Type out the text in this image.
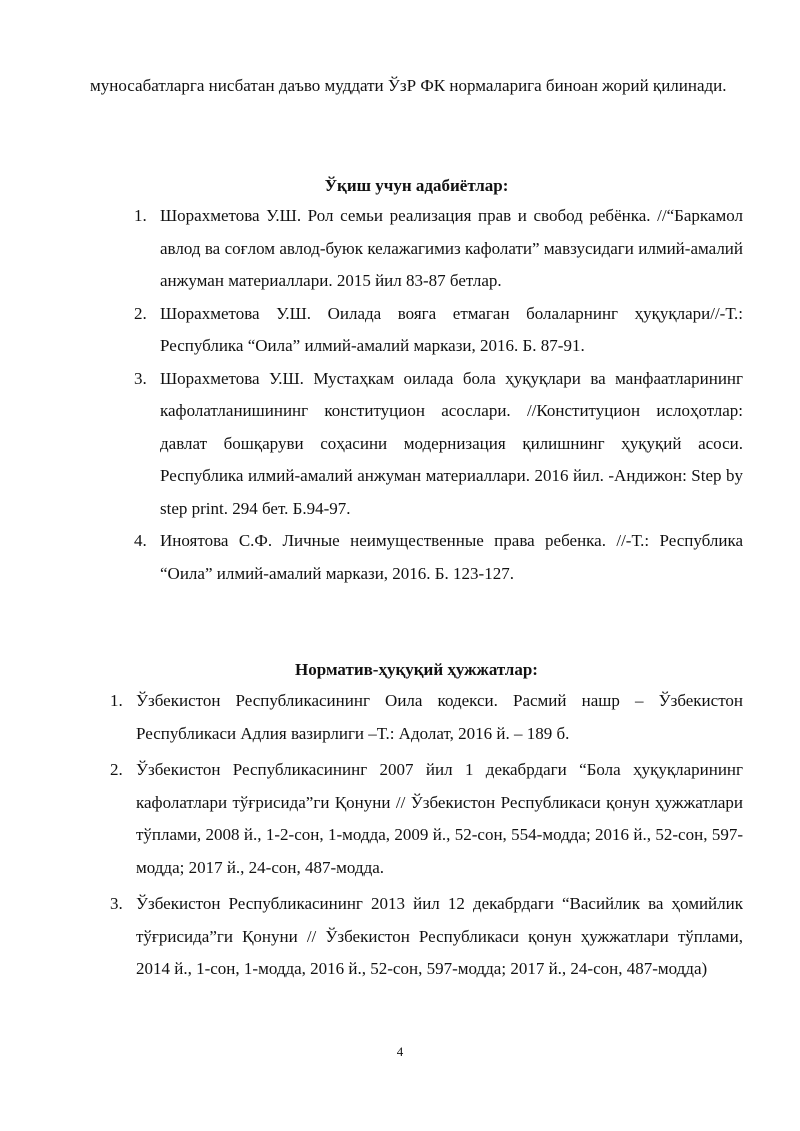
муносабатларга нисбатан даъво муддати ЎзР ФК нормаларига биноан жорий қилинади.

Ўқиш учун адабиётлар:
1. Шорахметова У.Ш. Рол семьи реализация прав и свобод ребёнка. //“Баркамол авлод ва соғлом авлод-буюк келажагимиз кафолати” мавзусидаги илмий-амалий анжуман материаллари. 2015 йил 83-87 бетлар.
2. Шорахметова У.Ш. Оилада вояга етмаган болаларнинг ҳуқуқлари//-Т.: Республика “Оила” илмий-амалий маркази, 2016. Б. 87-91.
3. Шорахметова У.Ш. Мустаҳкам оилада бола ҳуқуқлари ва манфаатларининг кафолатланишининг конституцион асослари. //Конституцион ислоҳотлар: давлат бошқаруви соҳасини модернизация қилишнинг ҳуқуқий асоси. Республика илмий-амалий анжуман материаллари. 2016 йил. -Андижон: Step by step print. 294 бет. Б.94-97.
4. Иноятова С.Ф. Личные неимущественные права ребенка. //-Т.: Республика “Оила” илмий-амалий маркази, 2016. Б. 123-127.
Норматив-ҳуқуқий ҳужжатлар:
1. Ўзбекистон Республикасининг Оила кодекси. Расмий нашр – Ўзбекистон Республикаси Адлия вазирлиги –Т.: Адолат, 2016 й. – 189 б.
2. Ўзбекистон Республикасининг 2007 йил 1 декабрдаги “Бола ҳуқуқларининг кафолатлари тўғрисида”ги Қонуни // Ўзбекистон Республикаси қонун ҳужжатлари тўплами, 2008 й., 1-2-сон, 1-модда, 2009 й., 52-сон, 554-модда; 2016 й., 52-сон, 597-модда; 2017 й., 24-сон, 487-модда.
3. Ўзбекистон Республикасининг 2013 йил 12 декабрдаги “Васийлик ва ҳомийлик тўғрисида”ги Қонуни // Ўзбекистон Республикаси қонун ҳужжатлари тўплами, 2014 й., 1-сон, 1-модда, 2016 й., 52-сон, 597-модда; 2017 й., 24-сон, 487-модда)
4
